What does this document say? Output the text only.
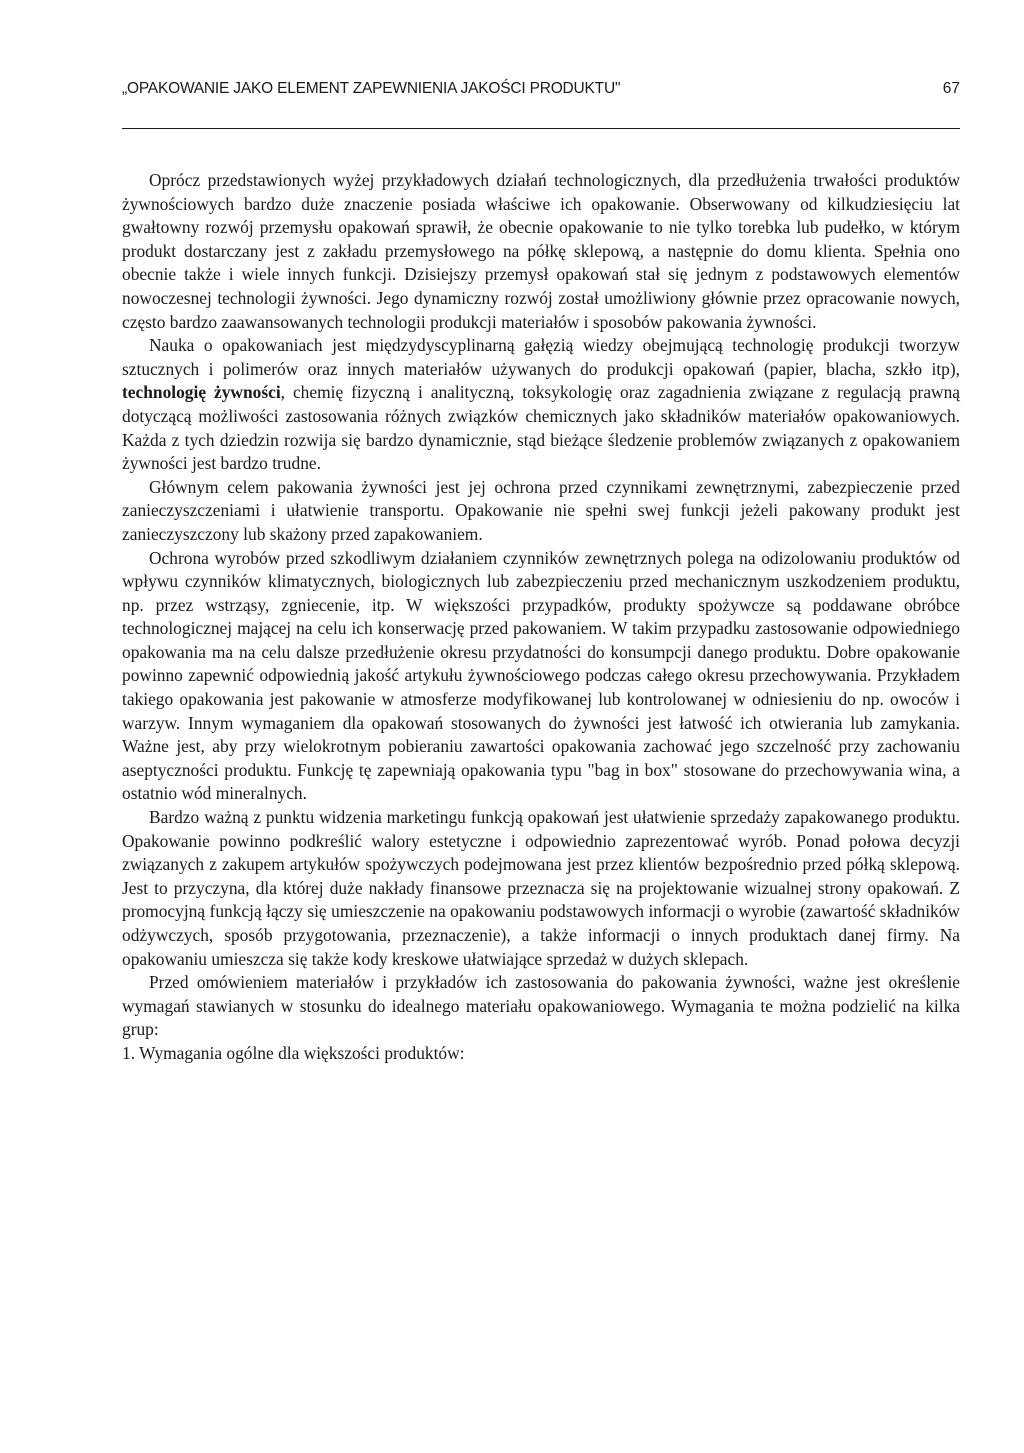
„OPAKOWANIE JAKO ELEMENT ZAPEWNIENIA JAKOŚCI PRODUKTU"	67

Oprócz przedstawionych wyżej przykładowych działań technologicznych, dla przedłużenia trwałości produktów żywnościowych bardzo duże znaczenie posiada właściwe ich opakowanie. Obserwowany od kilkudziesięciu lat gwałtowny rozwój przemysłu opakowań sprawił, że obecnie opakowanie to nie tylko torebka lub pudełko, w którym produkt dostarczany jest z zakładu przemysłowego na półkę sklepową, a następnie do domu klienta. Spełnia ono obecnie także i wiele innych funkcji. Dzisiejszy przemysł opakowań stał się jednym z podstawowych elementów nowoczesnej technologii żywności. Jego dynamiczny rozwój został umożliwiony głównie przez opracowanie nowych, często bardzo zaawansowanych technologii produkcji materiałów i sposobów pakowania żywności.

Nauka o opakowaniach jest międzydyscyplinarną gałęzią wiedzy obejmującą technologię produkcji tworzyw sztucznych i polimerów oraz innych materiałów używanych do produkcji opakowań (papier, blacha, szkło itp), technologię żywności, chemię fizyczną i analityczną, toksykologię oraz zagadnienia związane z regulacją prawną dotyczącą możliwości zastosowania różnych związków chemicznych jako składników materiałów opakowaniowych. Każda z tych dziedzin rozwija się bardzo dynamicznie, stąd bieżące śledzenie problemów związanych z opakowaniem żywności jest bardzo trudne.

Głównym celem pakowania żywności jest jej ochrona przed czynnikami zewnętrznymi, zabezpieczenie przed zanieczyszczeniami i ułatwienie transportu. Opakowanie nie spełni swej funkcji jeżeli pakowany produkt jest zanieczyszczony lub skażony przed zapakowaniem.

Ochrona wyrobów przed szkodliwym działaniem czynników zewnętrznych polega na odizolowaniu produktów od wpływu czynników klimatycznych, biologicznych lub zabezpieczeniu przed mechanicznym uszkodzeniem produktu, np. przez wstrząsy, zgniecenie, itp. W większości przypadków, produkty spożywcze są poddawane obróbce technologicznej mającej na celu ich konserwację przed pakowaniem. W takim przypadku zastosowanie odpowiedniego opakowania ma na celu dalsze przedłużenie okresu przydatności do konsumpcji danego produktu. Dobre opakowanie powinno zapewnić odpowiednią jakość artykułu żywnościowego podczas całego okresu przechowywania. Przykładem takiego opakowania jest pakowanie w atmosferze modyfikowanej lub kontrolowanej w odniesieniu do np. owoców i warzyw. Innym wymaganiem dla opakowań stosowanych do żywności jest łatwość ich otwierania lub zamykania. Ważne jest, aby przy wielokrotnym pobieraniu zawartości opakowania zachować jego szczelność przy zachowaniu aseptyczności produktu. Funkcję tę zapewniają opakowania typu "bag in box" stosowane do przechowywania wina, a ostatnio wód mineralnych.

Bardzo ważną z punktu widzenia marketingu funkcją opakowań jest ułatwienie sprzedaży zapakowanego produktu. Opakowanie powinno podkreślić walory estetyczne i odpowiednio zaprezentować wyrób. Ponad połowa decyzji związanych z zakupem artykułów spożywczych podejmowana jest przez klientów bezpośrednio przed półką sklepową. Jest to przyczyna, dla której duże nakłady finansowe przeznacza się na projektowanie wizualnej strony opakowań. Z promocyjną funkcją łączy się umieszczenie na opakowaniu podstawowych informacji o wyrobie (zawartość składników odżywczych, sposób przygotowania, przeznaczenie), a także informacji o innych produktach danej firmy. Na opakowaniu umieszcza się także kody kreskowe ułatwiające sprzedaż w dużych sklepach.

Przed omówieniem materiałów i przykładów ich zastosowania do pakowania żywności, ważne jest określenie wymagań stawianych w stosunku do idealnego materiału opakowaniowego. Wymagania te można podzielić na kilka grup:

1. Wymagania ogólne dla większości produktów:
